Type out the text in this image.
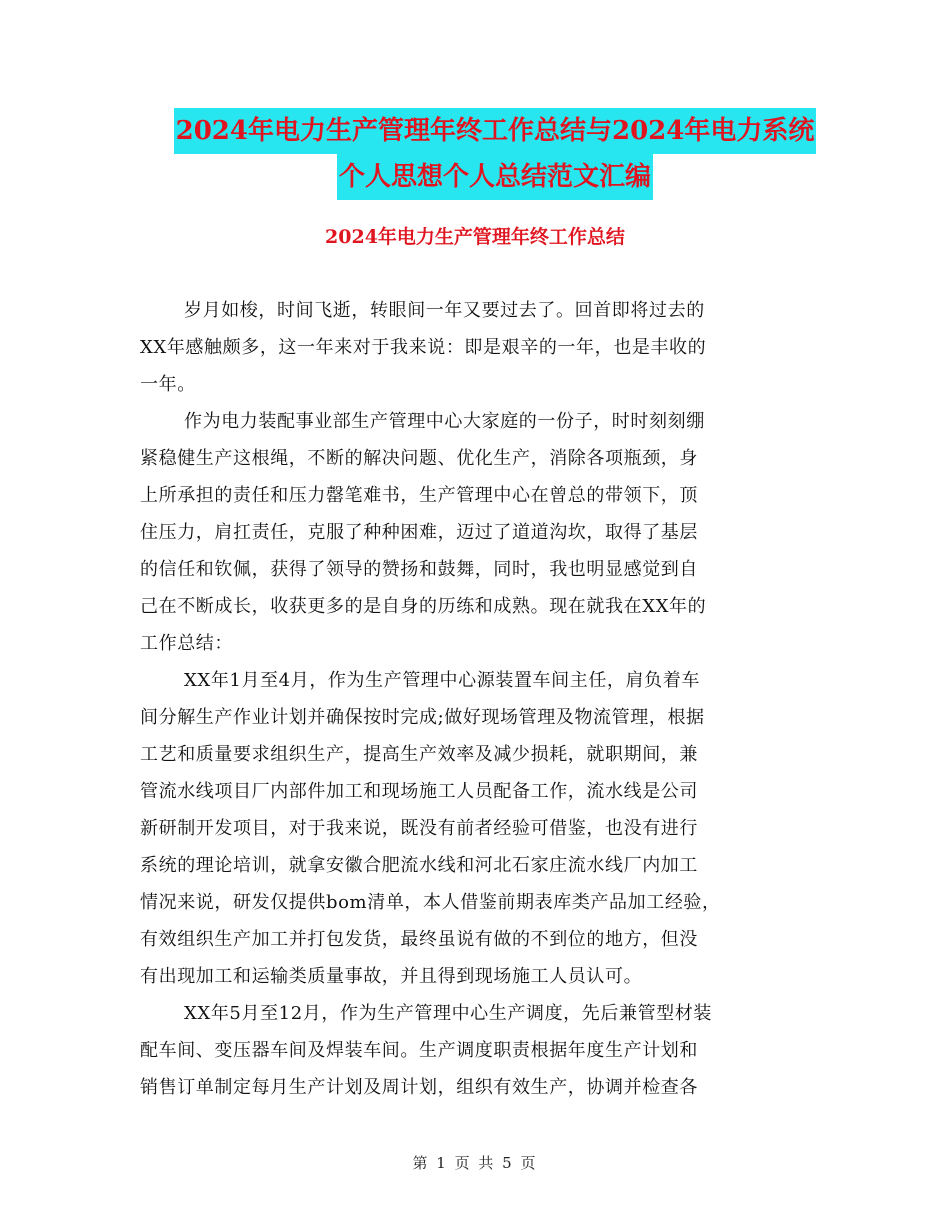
2024年电力生产管理年终工作总结与2024年电力系统
个人思想个人总结范文汇编
2024年电力生产管理年终工作总结

岁月如梭，时间飞逝，转眼间一年又要过去了。回首即将过去的
XX年感触颇多，这一年来对于我来说：即是艰辛的一年，也是丰收的
一年。

作为电力装配事业部生产管理中心大家庭的一份子，时时刻刻绷
紧稳健生产这根绳，不断的解决问题、优化生产，消除各项瓶颈，身
上所承担的责任和压力罄笔难书，生产管理中心在曾总的带领下，顶
住压力，肩扛责任，克服了种种困难，迈过了道道沟坎，取得了基层
的信任和钦佩，获得了领导的赞扬和鼓舞，同时，我也明显感觉到自
己在不断成长，收获更多的是自身的历练和成熟。现在就我在XX年的
工作总结：

XX年1月至4月，作为生产管理中心源装置车间主任，肩负着车
间分解生产作业计划并确保按时完成;做好现场管理及物流管理，根据
工艺和质量要求组织生产，提高生产效率及减少损耗，就职期间，兼
管流水线项目厂内部件加工和现场施工人员配备工作，流水线是公司
新研制开发项目，对于我来说，既没有前者经验可借鉴，也没有进行
系统的理论培训，就拿安徽合肥流水线和河北石家庄流水线厂内加工
情况来说，研发仅提供bom清单，本人借鉴前期表库类产品加工经验，
有效组织生产加工并打包发货，最终虽说有做的不到位的地方，但没
有出现加工和运输类质量事故，并且得到现场施工人员认可。

XX年5月至12月，作为生产管理中心生产调度，先后兼管型材装
配车间、变压器车间及焊装车间。生产调度职责根据年度生产计划和
销售订单制定每月生产计划及周计划，组织有效生产，协调并检查各

第 1 页 共 5 页
